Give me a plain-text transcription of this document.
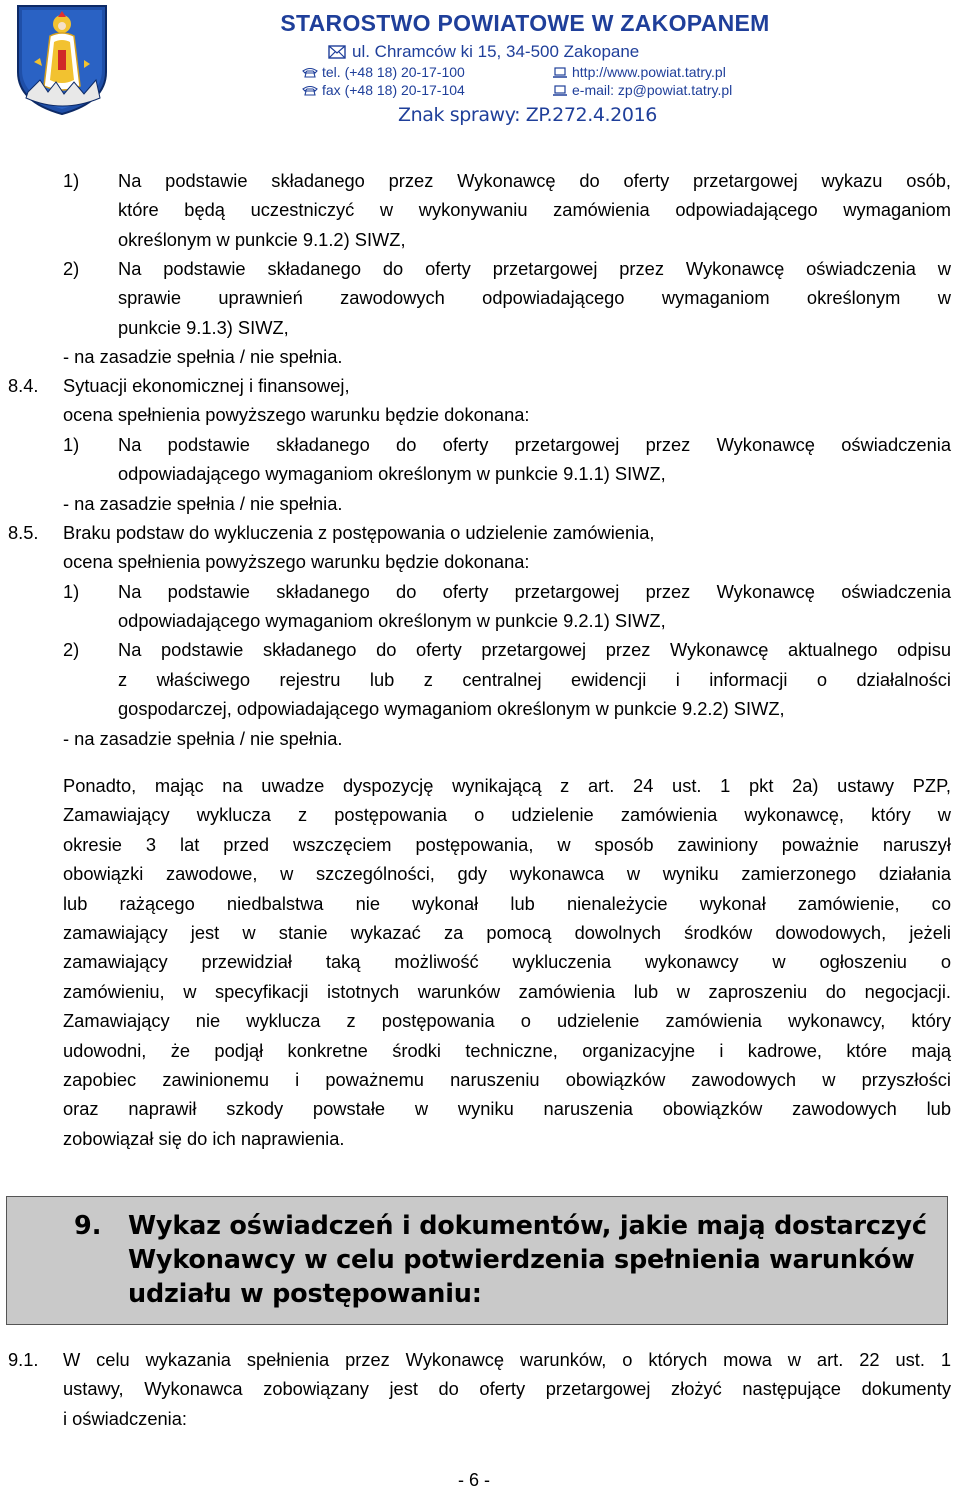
STAROSTWO POWIATOWE W ZAKOPANEM
ul. Chramców ki 15, 34-500 Zakopane
tel. (+48 18) 20-17-100
fax (+48 18) 20-17-104
http://www.powiat.tatry.pl
e-mail: zp@powiat.tatry.pl
Znak sprawy: ZP.272.4.2016
1) Na podstawie składanego przez Wykonawcę do oferty przetargowej wykazu osób,
które będą uczestniczyć w wykonywaniu zamówienia odpowiadającego wymaganiom
określonym w punkcie 9.1.2) SIWZ,
2) Na podstawie składanego do oferty przetargowej przez Wykonawcę oświadczenia w
sprawie uprawnień zawodowych odpowiadającego wymaganiom określonym w
punkcie 9.1.3) SIWZ,
- na zasadzie spełnia / nie spełnia.
8.4. Sytuacji ekonomicznej i finansowej,
ocena spełnienia powyższego warunku będzie dokonana:
1) Na podstawie składanego do oferty przetargowej przez Wykonawcę oświadczenia
odpowiadającego wymaganiom określonym w punkcie 9.1.1) SIWZ,
- na zasadzie spełnia / nie spełnia.
8.5. Braku podstaw do wykluczenia z postępowania o udzielenie zamówienia,
ocena spełnienia powyższego warunku będzie dokonana:
1) Na podstawie składanego do oferty przetargowej przez Wykonawcę oświadczenia
odpowiadającego wymaganiom określonym w punkcie 9.2.1) SIWZ,
2) Na podstawie składanego do oferty przetargowej przez Wykonawcę aktualnego odpisu
z właściwego rejestru lub z centralnej ewidencji i informacji o działalności
gospodarczej, odpowiadającego wymaganiom określonym w punkcie 9.2.2) SIWZ,
- na zasadzie spełnia / nie spełnia.
Ponadto, mając na uwadze dyspozycję wynikającą z art. 24 ust. 1 pkt 2a) ustawy PZP,
Zamawiający wyklucza z postępowania o udzielenie zamówienia wykonawcę, który w
okresie 3 lat przed wszczęciem postępowania, w sposób zawiniony poważnie naruszył
obowiązki zawodowe, w szczególności, gdy wykonawca w wyniku zamierzonego działania
lub rażącego niedbalstwa nie wykonał lub nienależycie wykonał zamówienie, co
zamawiający jest w stanie wykazać za pomocą dowolnych środków dowodowych, jeżeli
zamawiający przewidział taką możliwość wykluczenia wykonawcy w ogłoszeniu o
zamówieniu, w specyfikacji istotnych warunków zamówienia lub w zaproszeniu do negocjacji.
Zamawiający nie wyklucza z postępowania o udzielenie zamówienia wykonawcy, który
udowodni, że podjął konkretne środki techniczne, organizacyjne i kadrowe, które mają
zapobiec zawinionemu i poważnemu naruszeniu obowiązków zawodowych w przyszłości
oraz naprawił szkody powstałe w wyniku naruszenia obowiązków zawodowych lub
zobowiązał się do ich naprawienia.
9. Wykaz oświadczeń i dokumentów, jakie mają dostarczyć
Wykonawcy w celu potwierdzenia spełnienia warunków
udziału w postępowaniu:
9.1. W celu wykazania spełnienia przez Wykonawcę warunków, o których mowa w art. 22 ust. 1
ustawy, Wykonawca zobowiązany jest do oferty przetargowej złożyć następujące dokumenty
i oświadczenia:
- 6 -
